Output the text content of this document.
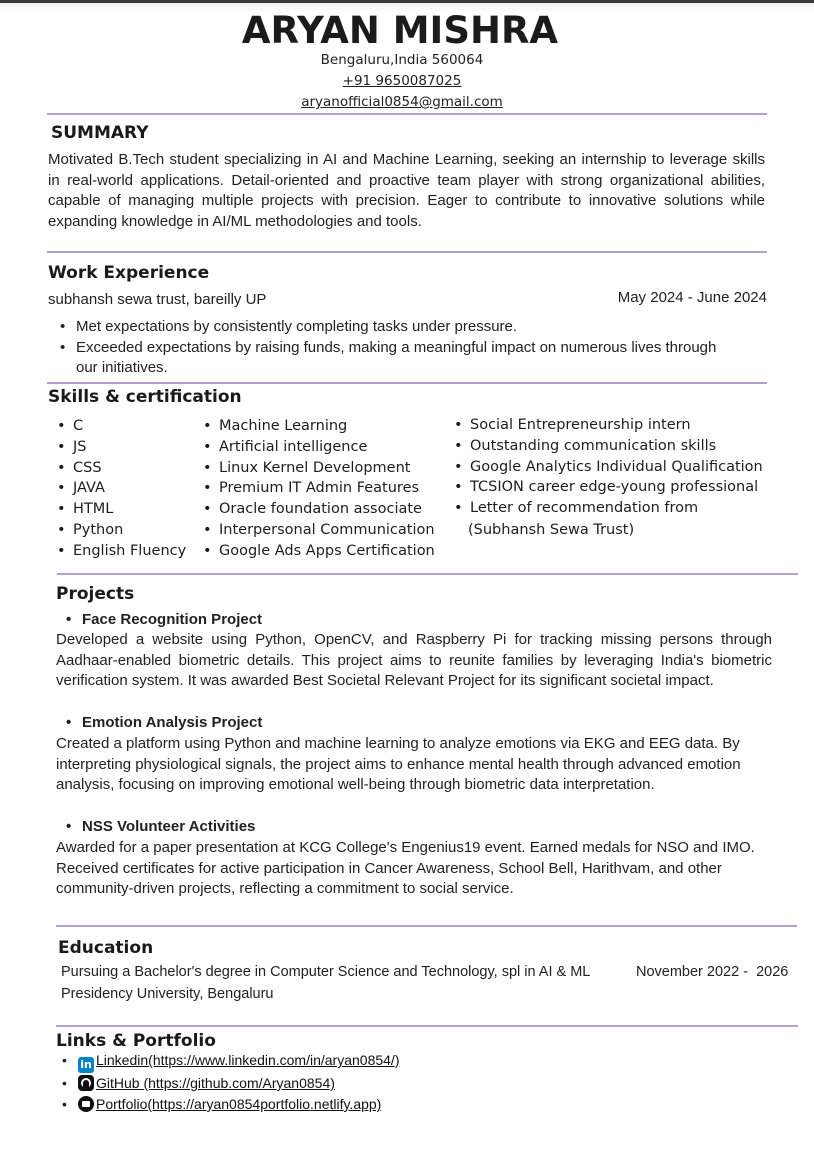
ARYAN MISHRA
Bengaluru,India 560064
+91 9650087025
aryanofficial0854@gmail.com
SUMMARY
Motivated B.Tech student specializing in AI and Machine Learning, seeking an internship to leverage skills in real-world applications. Detail-oriented and proactive team player with strong organizational abilities, capable of managing multiple projects with precision. Eager to contribute to innovative solutions while expanding knowledge in AI/ML methodologies and tools.
Work Experience
subhansh sewa trust, bareilly UP	May 2024 - June 2024
• Met expectations by consistently completing tasks under pressure.
• Exceeded expectations by raising funds, making a meaningful impact on numerous lives through our initiatives.
Skills & certification
• C
• JS
• CSS
• JAVA
• HTML
• Python
• English Fluency
• Machine Learning
• Artificial intelligence
• Linux Kernel Development
• Premium IT Admin Features
• Oracle foundation associate
• Interpersonal Communication
• Google Ads Apps Certification
• Social Entrepreneurship intern
• Outstanding communication skills
• Google Analytics Individual Qualification
• TCSION career edge-young professional
• Letter of recommendation from
(Subhansh Sewa Trust)
Projects
• Face Recognition Project
Developed a website using Python, OpenCV, and Raspberry Pi for tracking missing persons through Aadhaar-enabled biometric details. This project aims to reunite families by leveraging India's biometric verification system. It was awarded Best Societal Relevant Project for its significant societal impact.
• Emotion Analysis Project
Created a platform using Python and machine learning to analyze emotions via EKG and EEG data. By interpreting physiological signals, the project aims to enhance mental health through advanced emotion analysis, focusing on improving emotional well-being through biometric data interpretation.
• NSS Volunteer Activities
Awarded for a paper presentation at KCG College's Engenius19 event. Earned medals for NSO and IMO. Received certificates for active participation in Cancer Awareness, School Bell, Harithvam, and other community-driven projects, reflecting a commitment to social service.
Education
Pursuing a Bachelor's degree in Computer Science and Technology, spl in AI & ML	November 2022 -  2026
Presidency University, Bengaluru
Links & Portfolio
• in Linkedin(https://www.linkedin.com/in/aryan0854/)
• GitHub (https://github.com/Aryan0854)
• Portfolio(https://aryan0854portfolio.netlify.app)
